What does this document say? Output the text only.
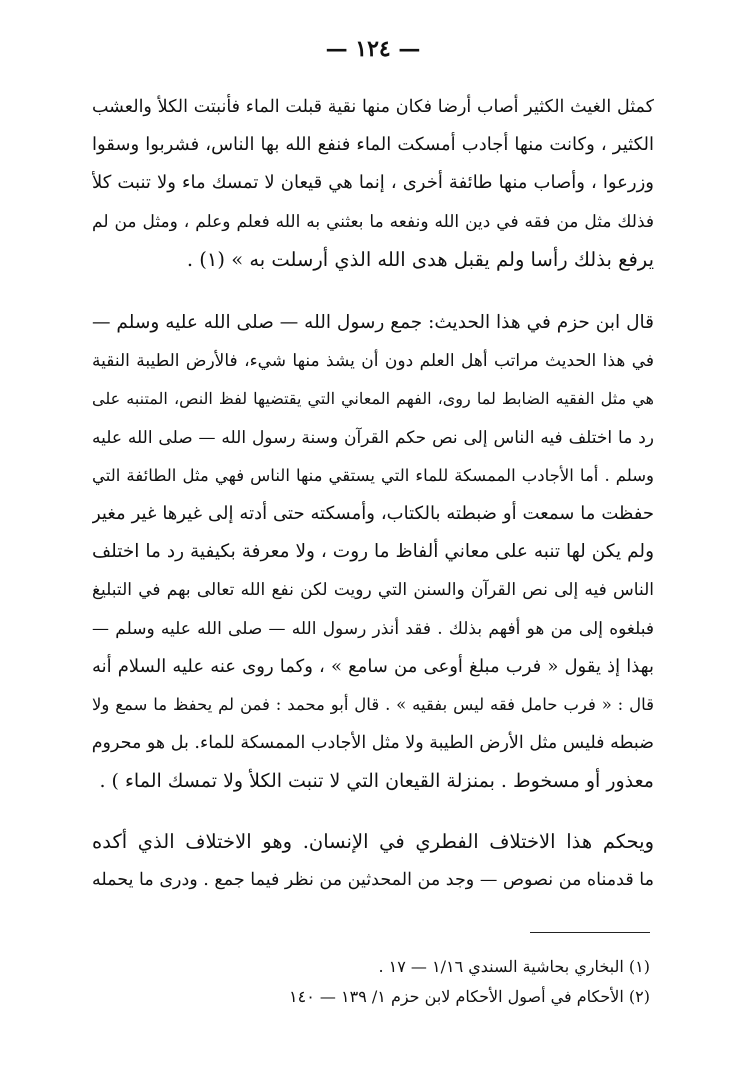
— ١٢٤ —
كمثل الغيث الكثير أصاب أرضا فكان منها نقية قبلت الماء فأنبتت الكلأ والعشب
الكثير ، وكانت منها أجادب أمسكت الماء فنفع الله بها الناس، فشربوا وسقوا
وزرعوا ، وأصاب منها طائفة أخرى ، إنما هي قيعان لا تمسك ماء ولا تنبت كلأ
فذلك مثل من فقه في دين الله ونفعه ما بعثني به الله فعلم وعلم ، ومثل من لم
يرفع بذلك رأسا ولم يقبل هدى الله الذي أرسلت به » (١) .
قال ابن حزم في هذا الحديث: جمع رسول الله — صلى الله عليه وسلم —
في هذا الحديث مراتب أهل العلم دون أن يشذ منها شيء، فالأرض الطيبة النقية
هي مثل الفقيه الضابط لما روى، الفهم المعاني التي يقتضيها لفظ النص، المتنبه على
رد ما اختلف فيه الناس إلى نص حكم القرآن وسنة رسول الله — صلى الله عليه
وسلم . أما الأجادب الممسكة للماء التي يستقي منها الناس فهي مثل الطائفة التي
حفظت ما سمعت أو ضبطته بالكتاب، وأمسكته حتى أدته إلى غيرها غير مغير
ولم يكن لها تنبه على معاني ألفاظ ما روت ، ولا معرفة بكيفية رد ما اختلف
الناس فيه إلى نص القرآن والسنن التي رويت لكن نفع الله تعالى بهم في التبليغ
فبلغوه إلى من هو أفهم بذلك . فقد أنذر رسول الله — صلى الله عليه وسلم —
بهذا إذ يقول « فرب مبلغ أوعى من سامع » ، وكما روى عنه عليه السلام أنه
قال : « فرب حامل فقه ليس بفقيه » . قال أبو محمد : فمن لم يحفظ ما سمع ولا
ضبطه فليس مثل الأرض الطيبة ولا مثل الأجادب الممسكة للماء. بل هو محروم
معذور أو مسخوط . بمنزلة القيعان التي لا تنبت الكلأ ولا تمسك الماء ) .
ويحكم هذا الاختلاف الفطري في الإنسان. وهو الاختلاف الذي أكده
ما قدمناه من نصوص — وجد من المحدثين من نظر فيما جمع . ودرى ما يحمله
(١) البخاري بحاشية السندي ١/١٦ — ١٧ .
(٢) الأحكام في أصول الأحكام لابن حزم ١/ ١٣٩ — ١٤٠
